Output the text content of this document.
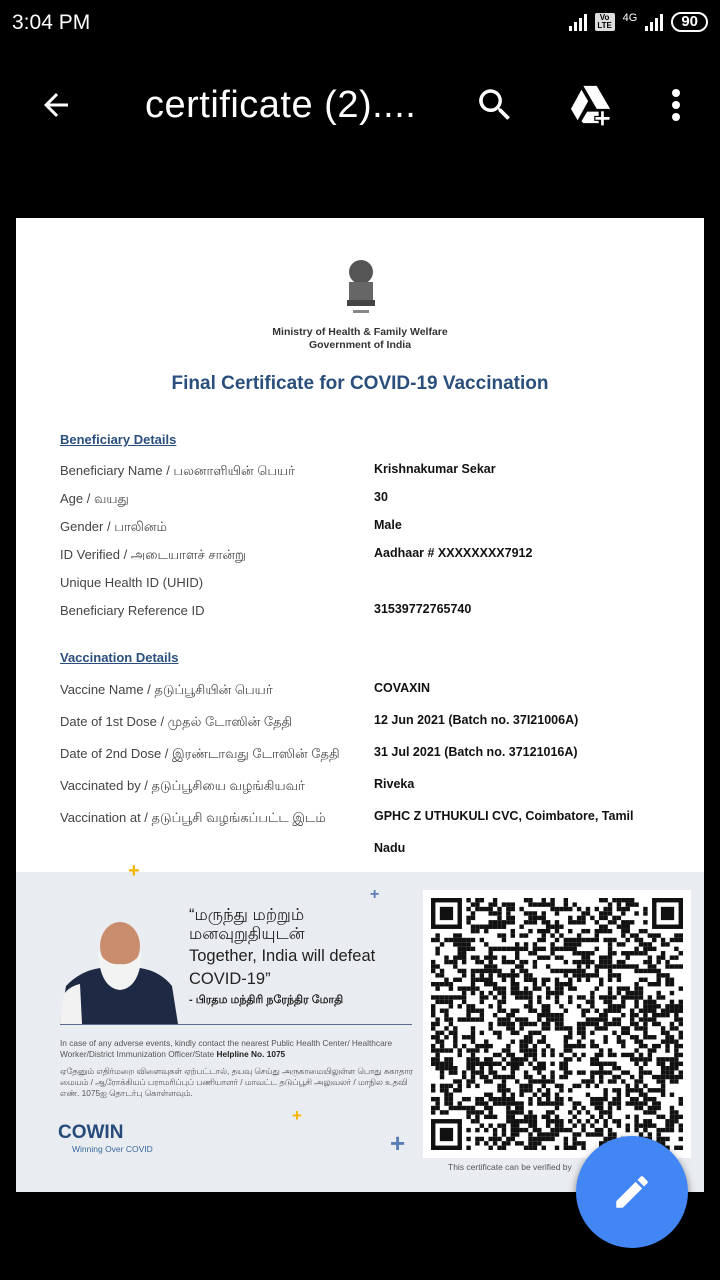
3:04 PM	Vo LTE
4G	90
certificate (2)....
Ministry of Health & Family Welfare
Government of India
Final Certificate for COVID-19 Vaccination
Beneficiary Details
Beneficiary Name / பலனாளியின் பெயர்	Krishnakumar Sekar
Age / வயது	30
Gender / பாலினம்	Male
ID Verified / அடையாளச் சான்று	Aadhaar # XXXXXXXX7912
Unique Health ID (UHID)
Beneficiary Reference ID	31539772765740
Vaccination Details
Vaccine Name / தடுப்பூசியின் பெயர்	COVAXIN
Date of 1st Dose / முதல் டோஸின் தேதி	12 Jun 2021 (Batch no. 37I21006A)
Date of 2nd Dose / இரண்டாவது டோஸின் தேதி	31 Jul 2021 (Batch no. 37121016A)
Vaccinated by / தடுப்பூசியை வழங்கியவர்	Riveka
Vaccination at / தடுப்பூசி வழங்கப்பட்ட இடம்	GPHC Z UTHUKULI CVC, Coimbatore, Tamil
Nadu
+
+
“மருந்து மற்றும்
மனவுறுதியுடன்
Together, India will defeat
COVID-19”
- பிரதம மந்திரி நரேந்திர மோதி
In case of any adverse events, kindly contact the nearest Public Health Center/ Healthcare Worker/District Immunization Officer/State Helpline No. 1075
ஏதேனும் எதிர்மறை விளைவுகள் ஏற்பட்டால், தயவு செய்து அருகாமையிலுள்ள பொது சுகாதார மையம் / ஆரோக்கியப் பராமரிப்புப் பணியாளர் / மாவட்ட தடுப்பூசி அலுவலர் / மாநில உதவி எண். 1075ஐ தொடர்பு கொள்ளவும்.
+
+
COWIN
Winning Over COVID
This certificate can be verified by
